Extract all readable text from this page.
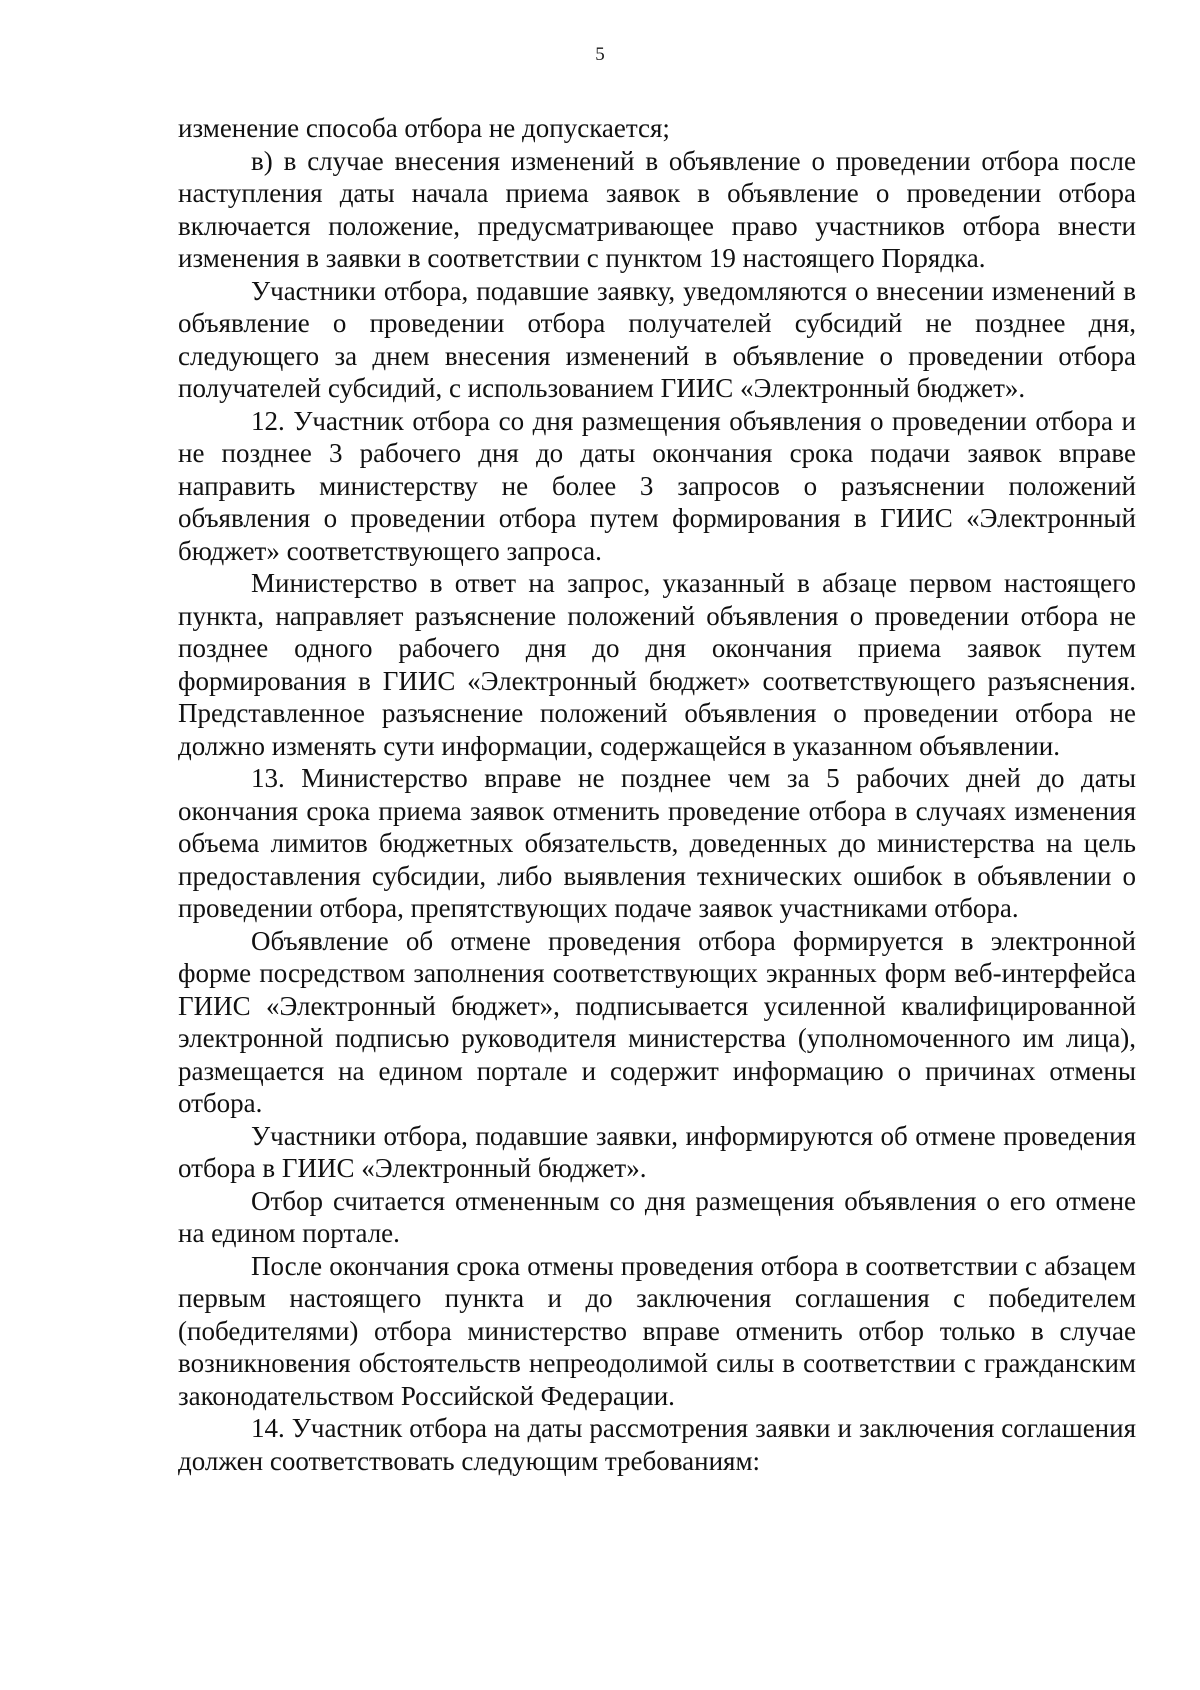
5

изменение способа отбора не допускается;

в) в случае внесения изменений в объявление о проведении отбора после наступления даты начала приема заявок в объявление о проведении отбора включается положение, предусматривающее право участников отбора внести изменения в заявки в соответствии с пунктом 19 настоящего Порядка.

Участники отбора, подавшие заявку, уведомляются о внесении изменений в объявление о проведении отбора получателей субсидий не позднее дня, следующего за днем внесения изменений в объявление о проведении отбора получателей субсидий, с использованием ГИИС «Электронный бюджет».

12. Участник отбора со дня размещения объявления о проведении отбора и не позднее 3 рабочего дня до даты окончания срока подачи заявок вправе направить министерству не более 3 запросов о разъяснении положений объявления о проведении отбора путем формирования в ГИИС «Электронный бюджет» соответствующего запроса.

Министерство в ответ на запрос, указанный в абзаце первом настоящего пункта, направляет разъяснение положений объявления о проведении отбора не позднее одного рабочего дня до дня окончания приема заявок путем формирования в ГИИС «Электронный бюджет» соответствующего разъяснения. Представленное разъяснение положений объявления о проведении отбора не должно изменять сути информации, содержащейся в указанном объявлении.

13. Министерство вправе не позднее чем за 5 рабочих дней до даты окончания срока приема заявок отменить проведение отбора в случаях изменения объема лимитов бюджетных обязательств, доведенных до министерства на цель предоставления субсидии, либо выявления технических ошибок в объявлении о проведении отбора, препятствующих подаче заявок участниками отбора.

Объявление об отмене проведения отбора формируется в электронной форме посредством заполнения соответствующих экранных форм веб-интерфейса ГИИС «Электронный бюджет», подписывается усиленной квалифицированной электронной подписью руководителя министерства (уполномоченного им лица), размещается на едином портале и содержит информацию о причинах отмены отбора.

Участники отбора, подавшие заявки, информируются об отмене проведения отбора в ГИИС «Электронный бюджет».

Отбор считается отмененным со дня размещения объявления о его отмене на едином портале.

После окончания срока отмены проведения отбора в соответствии с абзацем первым настоящего пункта и до заключения соглашения с победителем (победителями) отбора министерство вправе отменить отбор только в случае возникновения обстоятельств непреодолимой силы в соответствии с гражданским законодательством Российской Федерации.

14. Участник отбора на даты рассмотрения заявки и заключения соглашения должен соответствовать следующим требованиям:
